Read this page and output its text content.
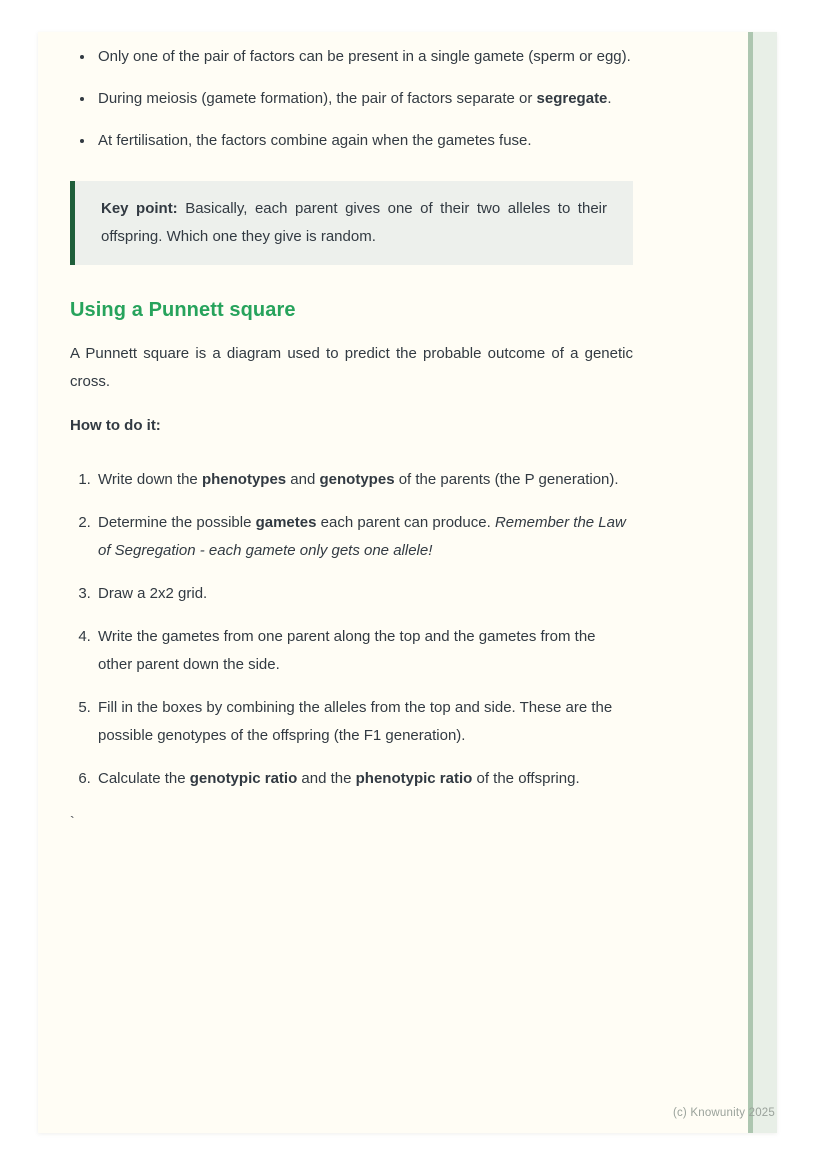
• Only one of the pair of factors can be present in a single gamete (sperm or egg).
• During meiosis (gamete formation), the pair of factors separate or segregate.
• At fertilisation, the factors combine again when the gametes fuse.

Key point: Basically, each parent gives one of their two alleles to their offspring. Which one they give is random.

Using a Punnett square

A Punnett square is a diagram used to predict the probable outcome of a genetic cross.

How to do it:

1. Write down the phenotypes and genotypes of the parents (the P generation).
2. Determine the possible gametes each parent can produce. Remember the Law of Segregation - each gamete only gets one allele!
3. Draw a 2x2 grid.
4. Write the gametes from one parent along the top and the gametes from the other parent down the side.
5. Fill in the boxes by combining the alleles from the top and side. These are the possible genotypes of the offspring (the F1 generation).
6. Calculate the genotypic ratio and the phenotypic ratio of the offspring.
`
(c) Knowunity 2025
